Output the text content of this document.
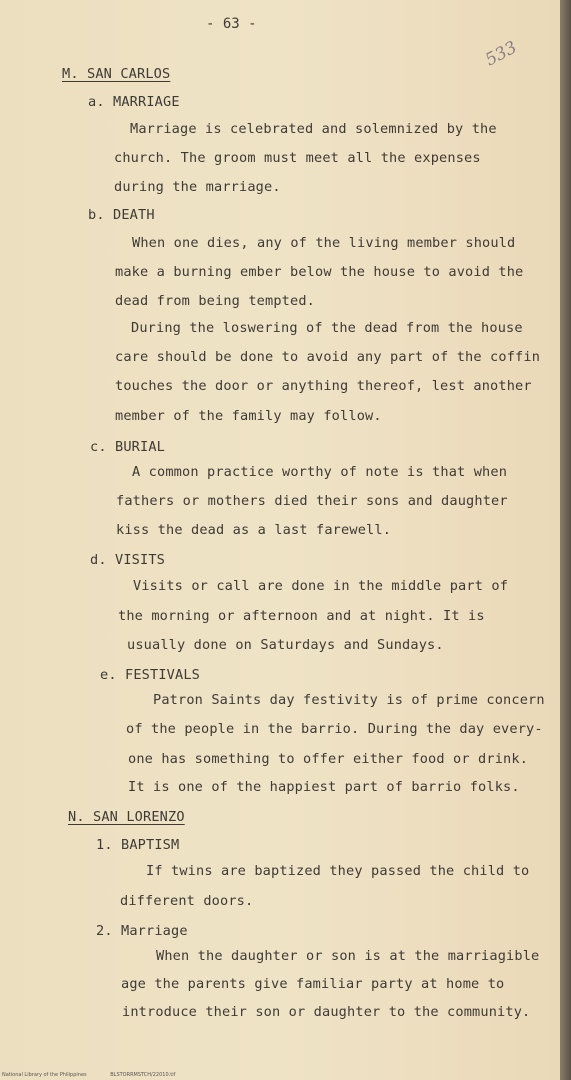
- 63 -
533
M. SAN CARLOS
a. MARRIAGE
Marriage is celebrated and solemnized by the
church. The groom must meet all the expenses
during the marriage.
b. DEATH
When one dies, any of the living member should
make a burning ember below the house to avoid the
dead from being tempted.
During the loswering of the dead from the house
care should be done to avoid any part of the coffin
touches the door or anything thereof, lest another
member of the family may follow.
c. BURIAL
A common practice worthy of note is that when
fathers or mothers died their sons and daughter
kiss the dead as a last farewell.
d. VISITS
Visits or call are done in the middle part of
the morning or afternoon and at night. It is
usually done on Saturdays and Sundays.
e. FESTIVALS
Patron Saints day festivity is of prime concern
of the people in the barrio. During the day every-
one has something to offer either food or drink.
It is one of the happiest part of barrio folks.
N. SAN LORENZO
1. BAPTISM
If twins are baptized they passed the child to
different doors.
2. Marriage
When the daughter or son is at the marriagible
age the parents give familiar party at home to
introduce their son or daughter to the community.
National Library of the Philippines	BLSTORRMSTCH/22010.tif
